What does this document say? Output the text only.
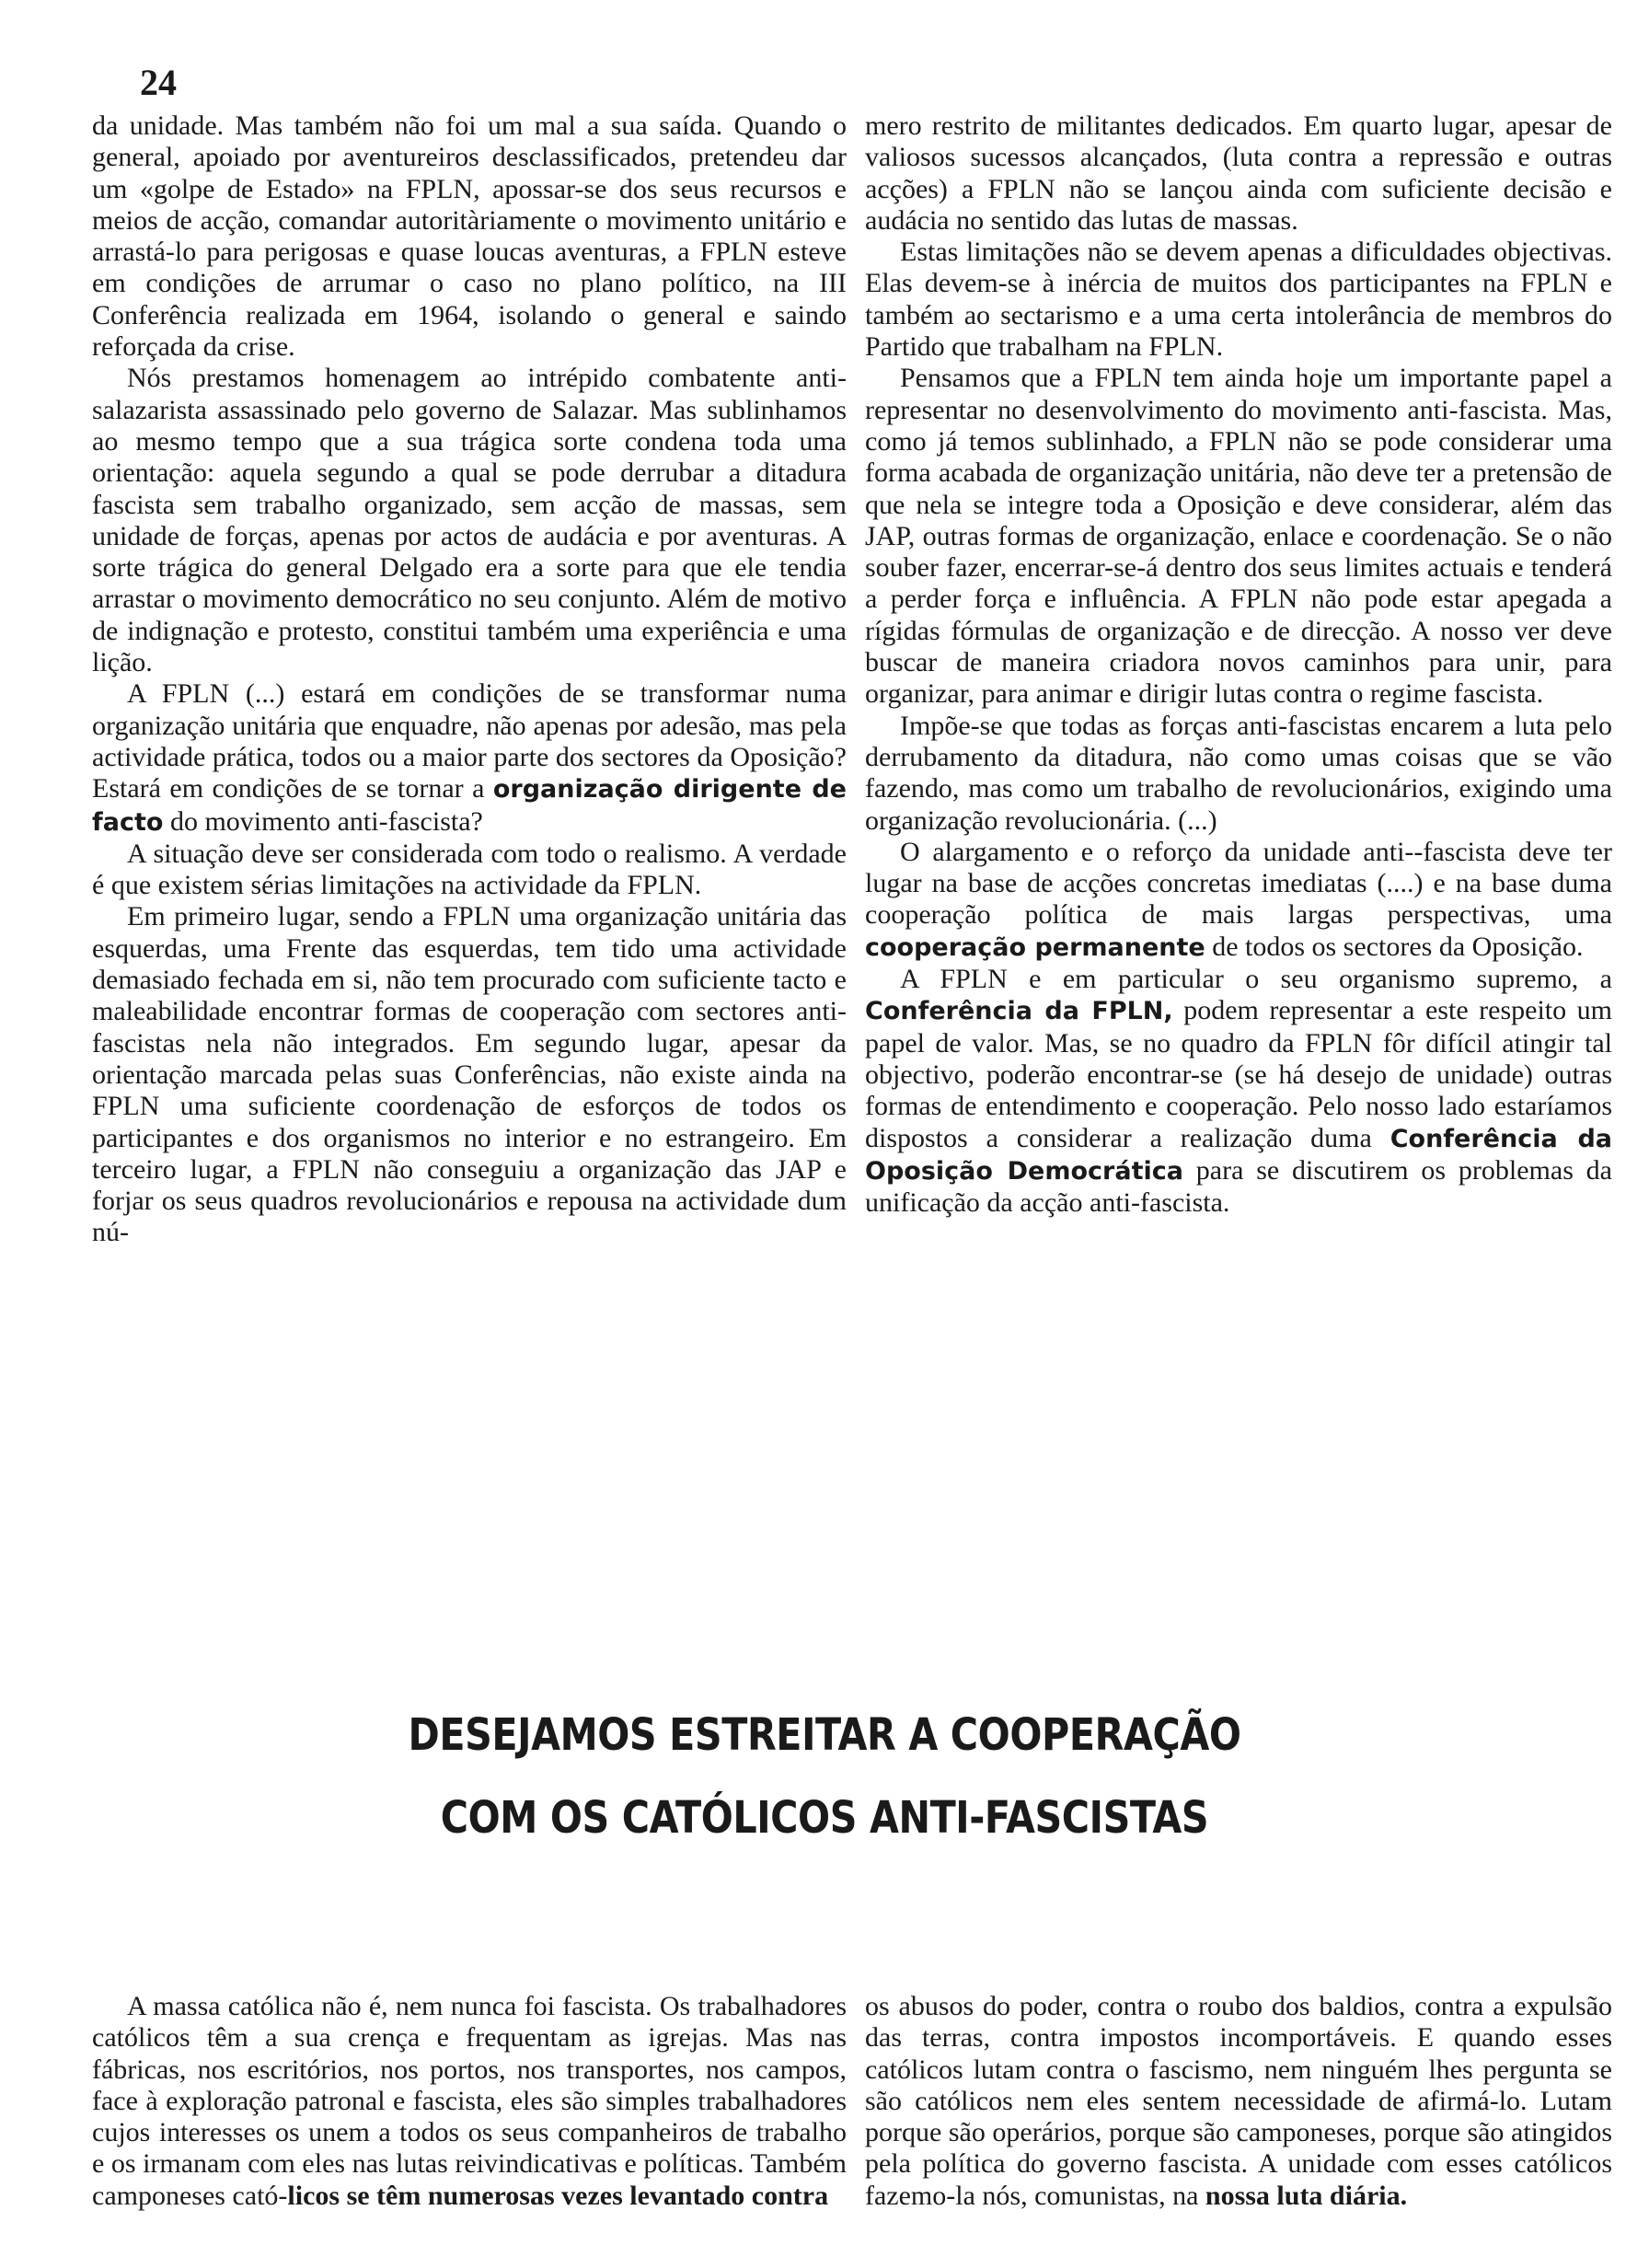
24

da unidade. Mas também não foi um mal a sua saída. Quando o general, apoiado por aventureiros desclassificados, pretendeu dar um «golpe de Estado» na FPLN, apossar-se dos seus recursos e meios de acção, comandar autoritàriamente o movimento unitário e arrastá-lo para perigosas e quase loucas aventuras, a FPLN esteve em condições de arrumar o caso no plano político, na III Conferência realizada em 1964, isolando o general e saindo reforçada da crise.

Nós prestamos homenagem ao intrépido combatente anti-salazarista assassinado pelo governo de Salazar. Mas sublinhamos ao mesmo tempo que a sua trágica sorte condena toda uma orientação: aquela segundo a qual se pode derrubar a ditadura fascista sem trabalho organizado, sem acção de massas, sem unidade de forças, apenas por actos de audácia e por aventuras. A sorte trágica do general Delgado era a sorte para que ele tendia arrastar o movimento democrático no seu conjunto. Além de motivo de indignação e protesto, constitui também uma experiência e uma lição.

A FPLN (...) estará em condições de se transformar numa organização unitária que enquadre, não apenas por adesão, mas pela actividade prática, todos ou a maior parte dos sectores da Oposição? Estará em condições de se tornar a organização dirigente de facto do movimento anti-fascista?

A situação deve ser considerada com todo o realismo. A verdade é que existem sérias limitações na actividade da FPLN.

Em primeiro lugar, sendo a FPLN uma organização unitária das esquerdas, uma Frente das esquerdas, tem tido uma actividade demasiado fechada em si, não tem procurado com suficiente tacto e maleabilidade encontrar formas de cooperação com sectores anti-fascistas nela não integrados. Em segundo lugar, apesar da orientação marcada pelas suas Conferências, não existe ainda na FPLN uma suficiente coordenação de esforços de todos os participantes e dos organismos no interior e no estrangeiro. Em terceiro lugar, a FPLN não conseguiu a organização das JAP e forjar os seus quadros revolucionários e repousa na actividade dum nú-

mero restrito de militantes dedicados. Em quarto lugar, apesar de valiosos sucessos alcançados, (luta contra a repressão e outras acções) a FPLN não se lançou ainda com suficiente decisão e audácia no sentido das lutas de massas.

Estas limitações não se devem apenas a dificuldades objectivas. Elas devem-se à inércia de muitos dos participantes na FPLN e também ao sectarismo e a uma certa intolerância de membros do Partido que trabalham na FPLN.

Pensamos que a FPLN tem ainda hoje um importante papel a representar no desenvolvimento do movimento anti-fascista. Mas, como já temos sublinhado, a FPLN não se pode considerar uma forma acabada de organização unitária, não deve ter a pretensão de que nela se integre toda a Oposição e deve considerar, além das JAP, outras formas de organização, enlace e coordenação. Se o não souber fazer, encerrar-se-á dentro dos seus limites actuais e tenderá a perder força e influência. A FPLN não pode estar apegada a rígidas fórmulas de organização e de direcção. A nosso ver deve buscar de maneira criadora novos caminhos para unir, para organizar, para animar e dirigir lutas contra o regime fascista.

Impõe-se que todas as forças anti-fascistas encarem a luta pelo derrubamento da ditadura, não como umas coisas que se vão fazendo, mas como um trabalho de revolucionários, exigindo uma organização revolucionária. (...)

O alargamento e o reforço da unidade anti--fascista deve ter lugar na base de acções concretas imediatas (....) e na base duma cooperação política de mais largas perspectivas, uma cooperação permanente de todos os sectores da Oposição.

A FPLN e em particular o seu organismo supremo, a Conferência da FPLN, podem representar a este respeito um papel de valor. Mas, se no quadro da FPLN fôr difícil atingir tal objectivo, poderão encontrar-se (se há desejo de unidade) outras formas de entendimento e cooperação. Pelo nosso lado estaríamos dispostos a considerar a realização duma Conferência da Oposição Democrática para se discutirem os problemas da unificação da acção anti-fascista.

DESEJAMOS ESTREITAR A COOPERAÇÃO
COM OS CATÓLICOS ANTI-FASCISTAS

A massa católica não é, nem nunca foi fascista. Os trabalhadores católicos têm a sua crença e frequentam as igrejas. Mas nas fábricas, nos escritórios, nos portos, nos transportes, nos campos, face à exploração patronal e fascista, eles são simples trabalhadores cujos interesses os unem a todos os seus companheiros de trabalho e os irmanam com eles nas lutas reivindicativas e políticas. Também camponeses cató-licos se têm numerosas vezes levantado contra

os abusos do poder, contra o roubo dos baldios, contra a expulsão das terras, contra impostos incomportáveis. E quando esses católicos lutam contra o fascismo, nem ninguém lhes pergunta se são católicos nem eles sentem necessidade de afirmá-lo. Lutam porque são operários, porque são camponeses, porque são atingidos pela política do governo fascista. A unidade com esses católicos fazemo-la nós, comunistas, na nossa luta diária.
